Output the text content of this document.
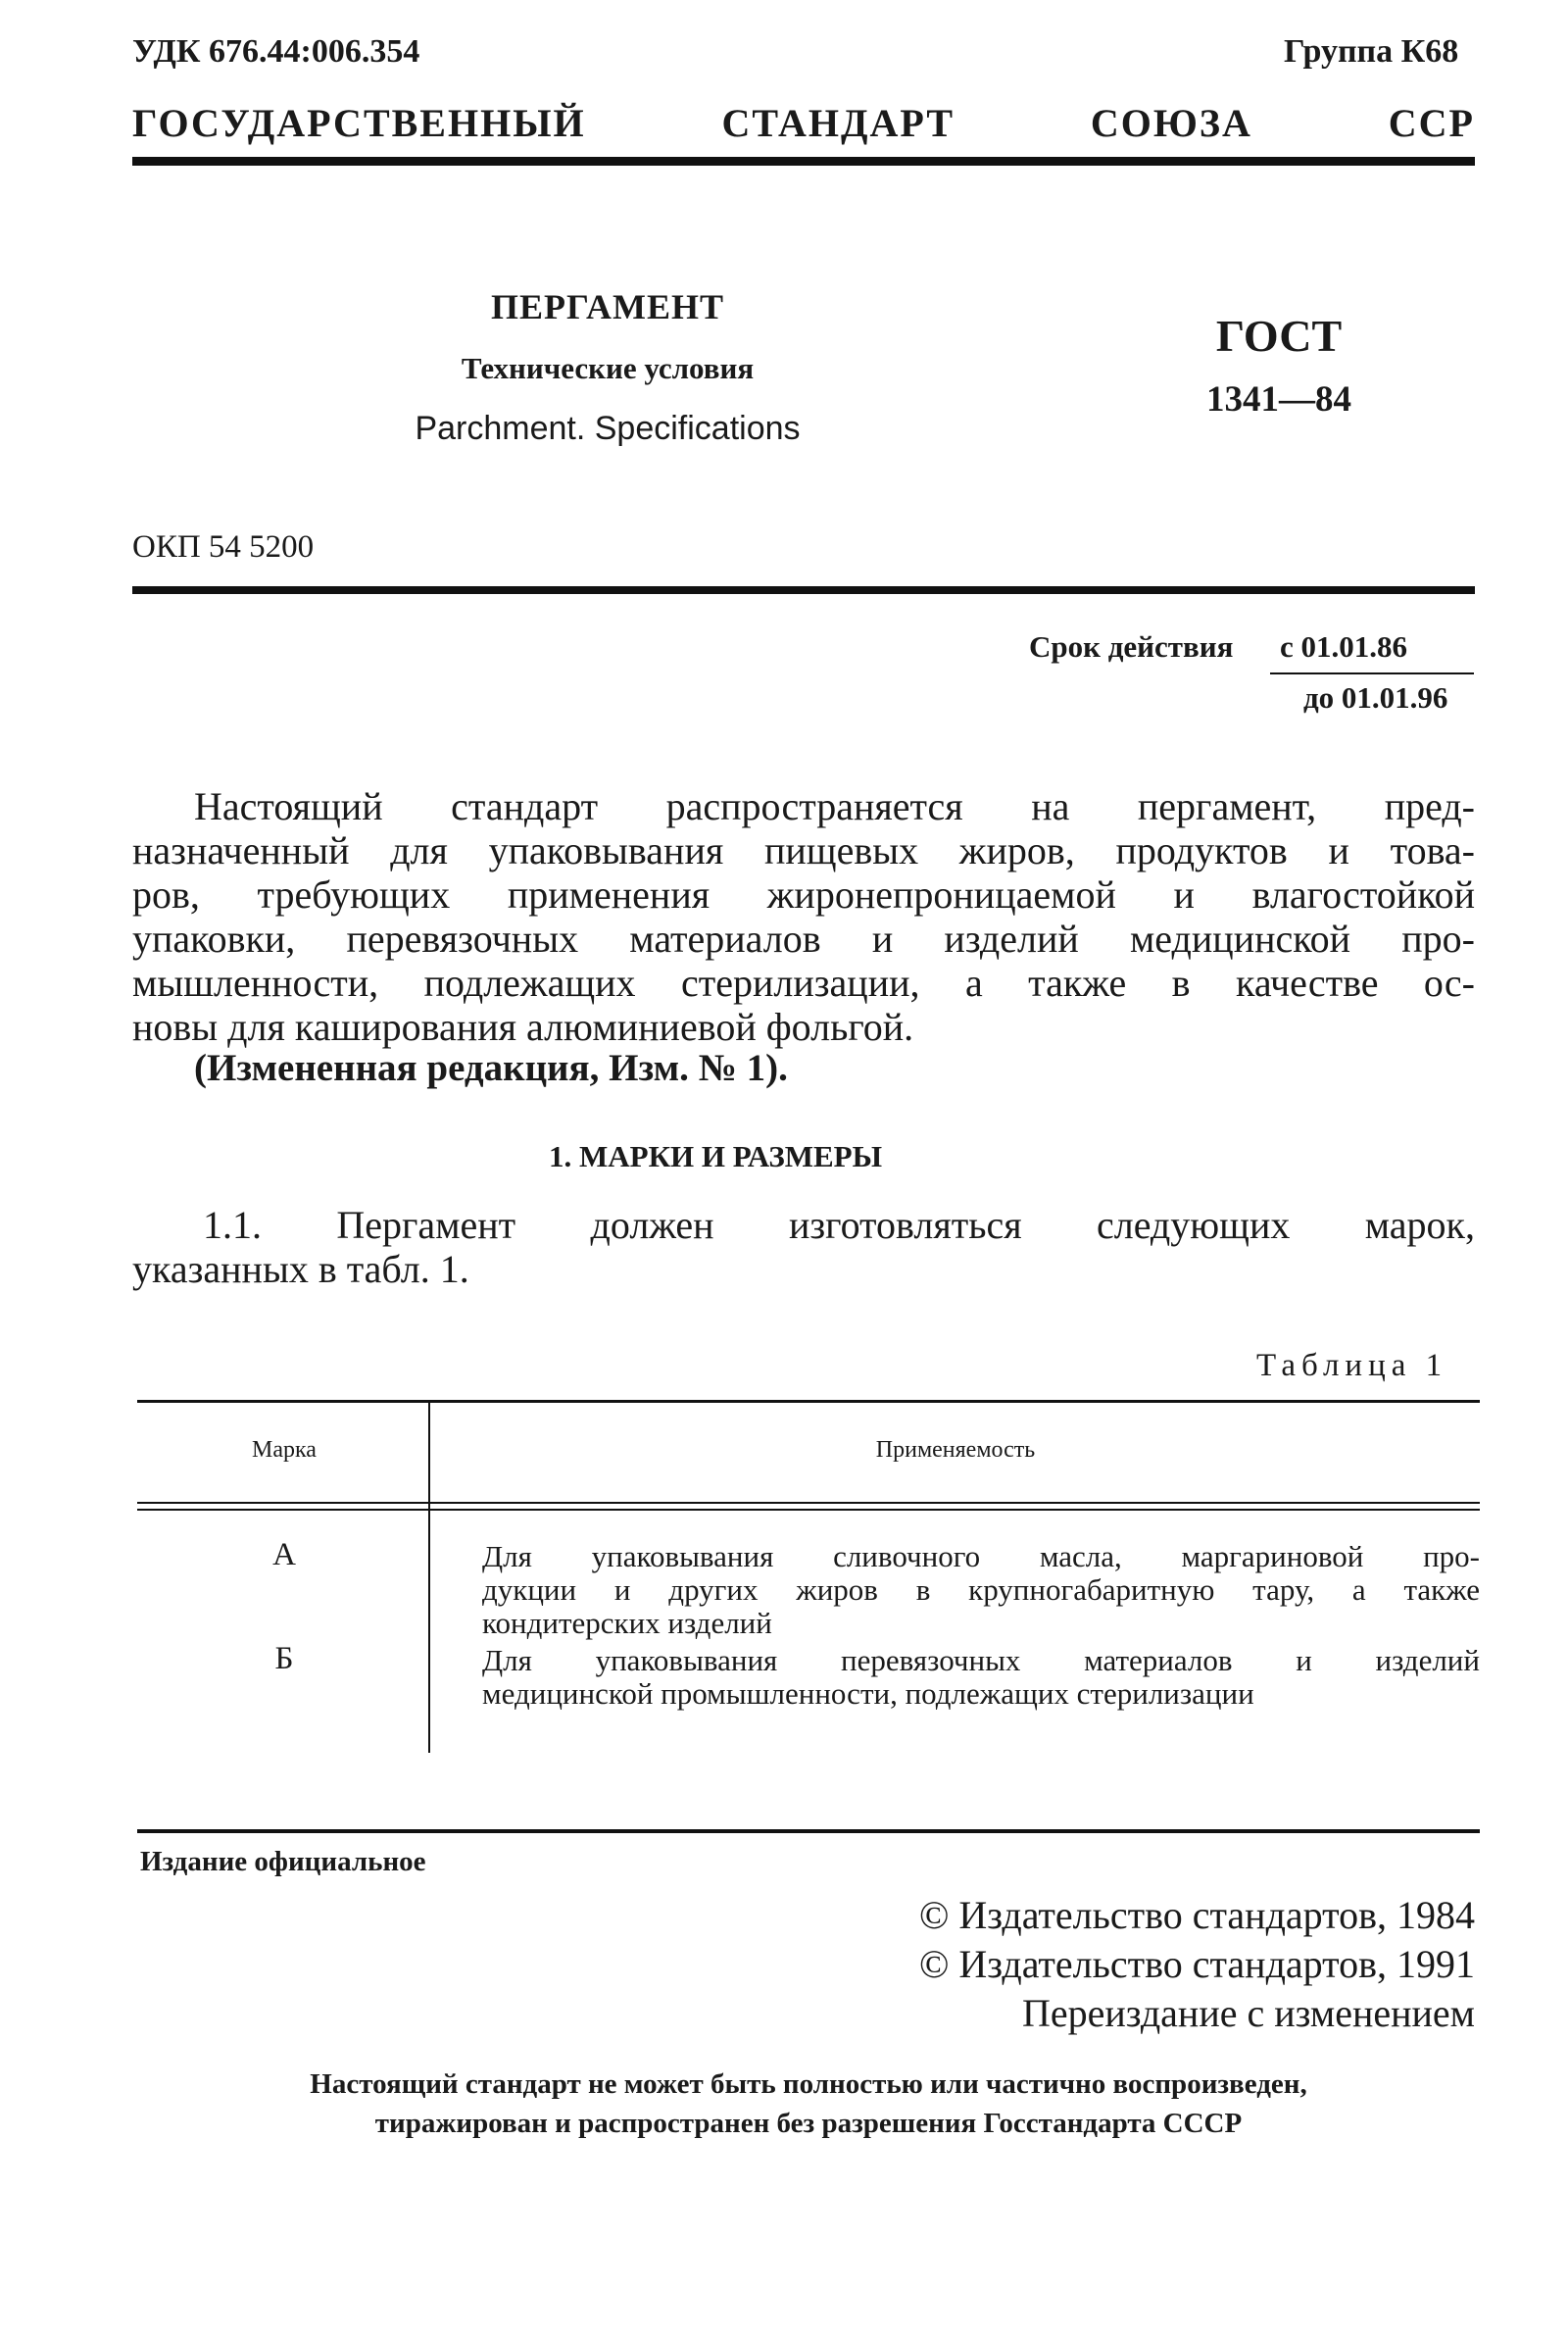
УДК 676.44:006.354	Группа К68
ГОСУДАРСТВЕННЫЙ СТАНДАРТ СОЮЗА ССР
ПЕРГАМЕНТ
Технические условия
Parchment. Specifications
ГОСТ
1341—84
ОКП 54 5200
Срок действия с 01.01.86
до 01.01.96
Настоящий стандарт распространяется на пергамент, пред-
назначенный для упаковывания пищевых жиров, продуктов и това-
ров, требующих применения жиронепроницаемой и влагостойкой
упаковки, перевязочных материалов и изделий медицинской про-
мышленности, подлежащих стерилизации, а также в качестве ос-
новы для каширования алюминиевой фольгой.
(Измененная редакция, Изм. № 1).
1. МАРКИ И РАЗМЕРЫ
1.1. Пергамент должен изготовляться следующих марок,
указанных в табл. 1.
Таблица 1
Марка	Применяемость
А	Для упаковывания сливочного масла, маргариновой про-
дукции и других жиров в крупногабаритную тару, а также
кондитерских изделий
Б	Для упаковывания перевязочных материалов и изделий
медицинской промышленности, подлежащих стерилизации
Издание официальное
© Издательство стандартов, 1984
© Издательство стандартов, 1991
Переиздание с изменением
Настоящий стандарт не может быть полностью или частично воспроизведен,
тиражирован и распространен без разрешения Госстандарта СССР
